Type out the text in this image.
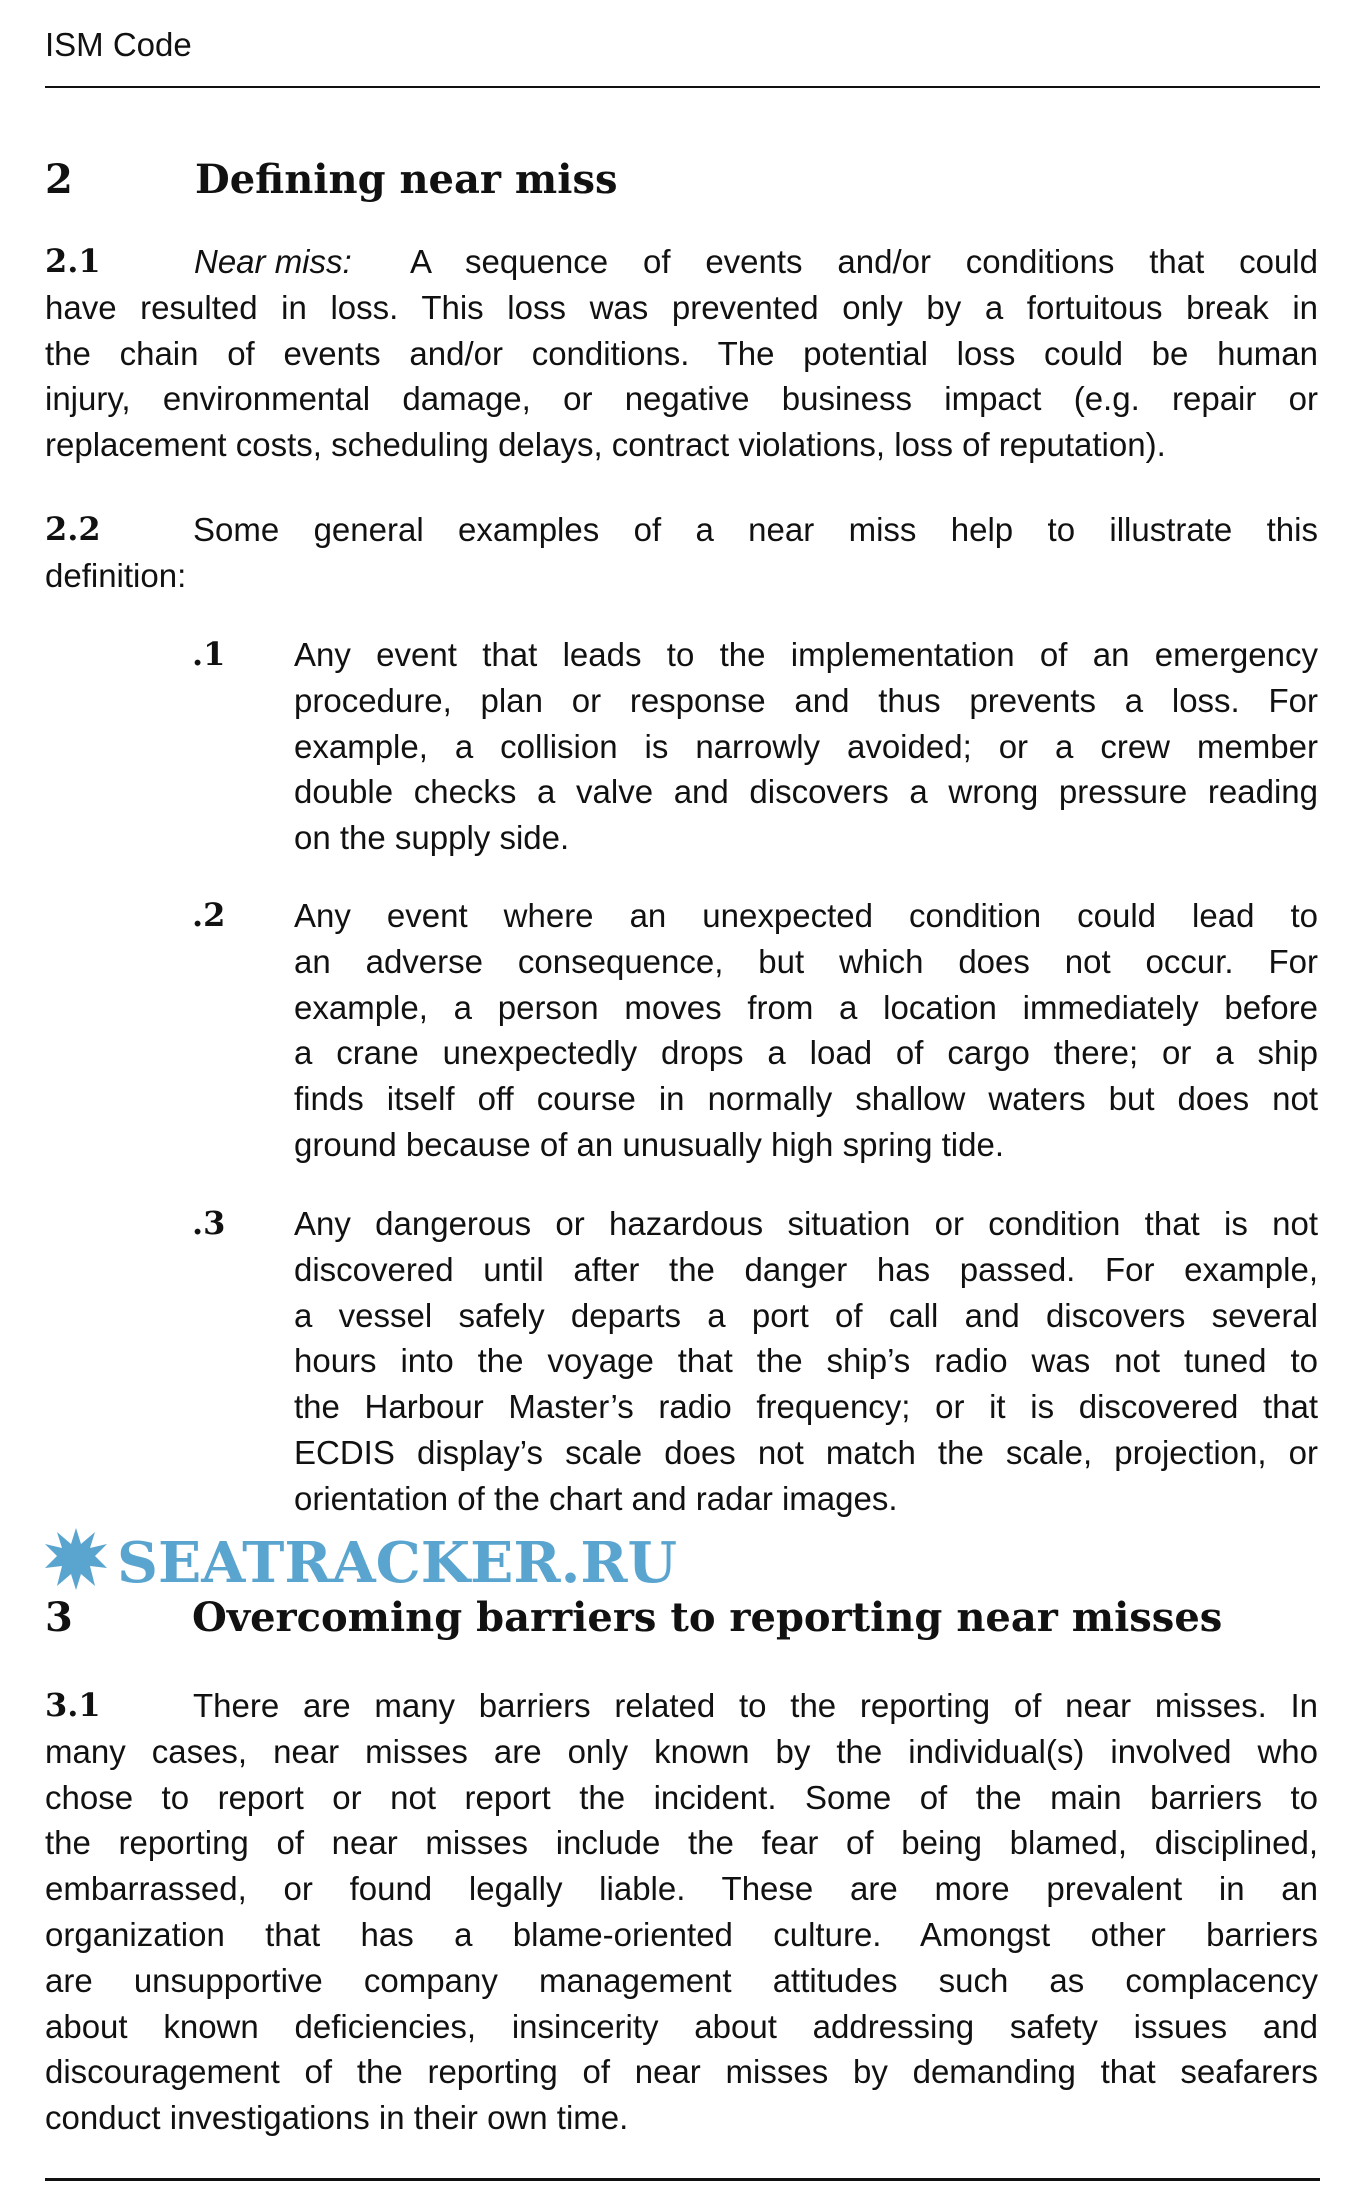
ISM Code
2	Defining near miss
2.1	A sequence of events and/or conditions that could
have resulted in loss. This loss was prevented only by a fortuitous break in
the chain of events and/or conditions. The potential loss could be human
injury, environmental damage, or negative business impact (e.g. repair or
replacement costs, scheduling delays, contract violations, loss of reputation).
Near miss:
2.2	Some general examples of a near miss help to illustrate this
definition:
.1 Any event that leads to the implementation of an emergency
procedure, plan or response and thus prevents a loss. For
example, a collision is narrowly avoided; or a crew member
double checks a valve and discovers a wrong pressure reading
on the supply side.
.2 Any event where an unexpected condition could lead to
an adverse consequence, but which does not occur. For
example, a person moves from a location immediately before
a crane unexpectedly drops a load of cargo there; or a ship
finds itself off course in normally shallow waters but does not
ground because of an unusually high spring tide.
.3 Any dangerous or hazardous situation or condition that is not
discovered until after the danger has passed. For example,
a vessel safely departs a port of call and discovers several
hours into the voyage that the ship’s radio was not tuned to
the Harbour Master’s radio frequency; or it is discovered that
ECDIS display’s scale does not match the scale, projection, or
orientation of the chart and radar images.
SEATRACKER.RU
3	Overcoming barriers to reporting near misses
3.1	There are many barriers related to the reporting of near misses. In
many cases, near misses are only known by the individual(s) involved who
chose to report or not report the incident. Some of the main barriers to
the reporting of near misses include the fear of being blamed, disciplined,
embarrassed, or found legally liable. These are more prevalent in an
organization that has a blame-oriented culture. Amongst other barriers
are unsupportive company management attitudes such as complacency
about known deficiencies, insincerity about addressing safety issues and
discouragement of the reporting of near misses by demanding that seafarers
conduct investigations in their own time.
